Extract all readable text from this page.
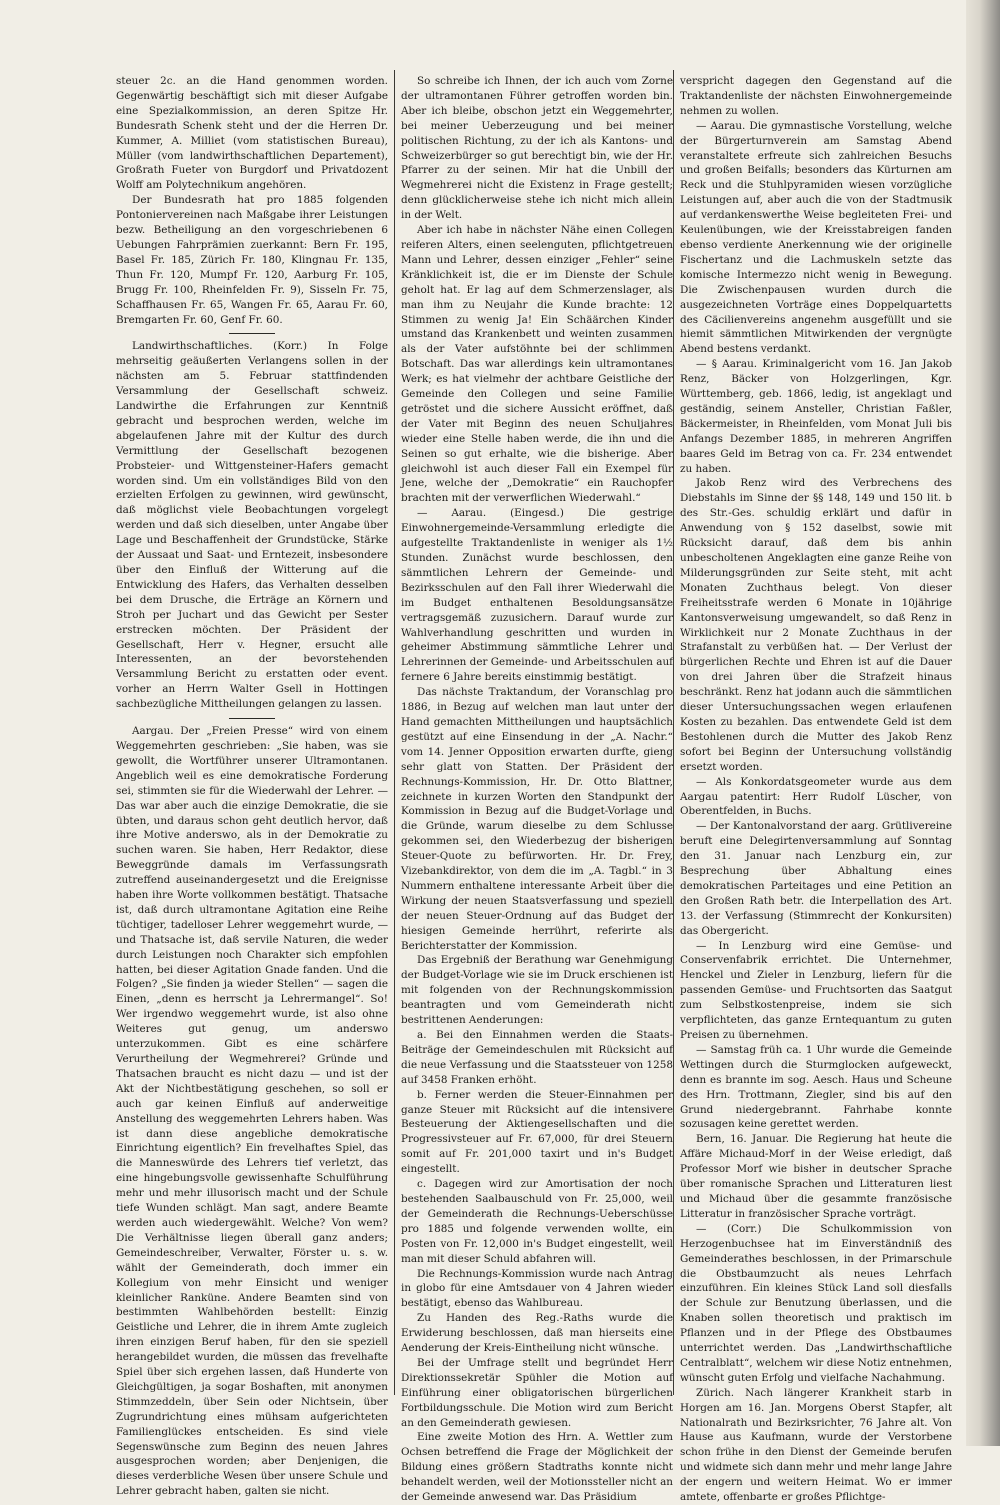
steuer 2c. an die Hand genommen worden. Gegenwärtig beschäftigt sich mit dieser Aufgabe eine Spezialkommission, an deren Spitze Hr. Bundesrath Schenk steht und der die Herren Dr. Kummer, A. Milliet (vom statistischen Bureau), Müller (vom landwirthschaftlichen Departement), Großrath Fueter von Burgdorf und Privatdozent Wolff am Polytechnikum angehören.

Der Bundesrath hat pro 1885 folgenden Pontoniervereinen nach Maßgabe ihrer Leistungen bezw. Betheiligung an den vorgeschriebenen 6 Uebungen Fahrprämien zuerkannt: Bern Fr. 195, Basel Fr. 185, Zürich Fr. 180, Klingnau Fr. 135, Thun Fr. 120, Mumpf Fr. 120, Aarburg Fr. 105, Brugg Fr. 100, Rheinfelden Fr. 9), Sisseln Fr. 75, Schaffhausen Fr. 65, Wangen Fr. 65, Aarau Fr. 60, Bremgarten Fr. 60, Genf Fr. 60.

Landwirthschaftliches. (Korr.) In Folge mehrseitig geäußerten Verlangens sollen in der nächsten am 5. Februar stattfindenden Versammlung der Gesellschaft schweiz. Landwirthe die Erfahrungen zur Kenntniß gebracht und besprochen werden, welche im abgelaufenen Jahre mit der Kultur des durch Vermittlung der Gesellschaft bezogenen Probsteier- und Wittgensteiner-Hafers gemacht worden sind. Um ein vollständiges Bild von den erzielten Erfolgen zu gewinnen, wird gewünscht, daß möglichst viele Beobachtungen vorgelegt werden und daß sich dieselben, unter Angabe über Lage und Beschaffenheit der Grundstücke, Stärke der Aussaat und Saat- und Erntezeit, insbesondere über den Einfluß der Witterung auf die Entwicklung des Hafers, das Verhalten desselben bei dem Drusche, die Erträge an Körnern und Stroh per Juchart und das Gewicht per Sester erstrecken möchten. Der Präsident der Gesellschaft, Herr v. Hegner, ersucht alle Interessenten, an der bevorstehenden Versammlung Bericht zu erstatten oder event. vorher an Herrn Walter Gsell in Hottingen sachbezügliche Mittheilungen gelangen zu lassen.

Aargau. Der „Freien Presse“ wird von einem Weggemehrten geschrieben: „Sie haben, was sie gewollt, die Wortführer unserer Ultramontanen. Angeblich weil es eine demokratische Forderung sei, stimmten sie für die Wiederwahl der Lehrer. — Das war aber auch die einzige Demokratie, die sie übten, und daraus schon geht deutlich hervor, daß ihre Motive anderswo, als in der Demokratie zu suchen waren. Sie haben, Herr Redaktor, diese Beweggründe damals im Verfassungsrath zutreffend auseinandergesetzt und die Ereignisse haben ihre Worte vollkommen bestätigt. Thatsache ist, daß durch ultramontane Agitation eine Reihe tüchtiger, tadelloser Lehrer weggemehrt wurde, — und Thatsache ist, daß servile Naturen, die weder durch Leistungen noch Charakter sich empfohlen hatten, bei dieser Agitation Gnade fanden. Und die Folgen? „Sie finden ja wieder Stellen“ — sagen die Einen, „denn es herrscht ja Lehrermangel“. So! Wer irgendwo weggemehrt wurde, ist also ohne Weiteres gut genug, um anderswo unterzukommen. Gibt es eine schärfere Verurtheilung der Wegmehrerei? Gründe und Thatsachen braucht es nicht dazu — und ist der Akt der Nichtbestätigung geschehen, so soll er auch gar keinen Einfluß auf anderweitige Anstellung des weggemehrten Lehrers haben. Was ist dann diese angebliche demokratische Einrichtung eigentlich? Ein frevelhaftes Spiel, das die Manneswürde des Lehrers tief verletzt, das eine hingebungsvolle gewissenhafte Schulführung mehr und mehr illusorisch macht und der Schule tiefe Wunden schlägt. Man sagt, andere Beamte werden auch wiedergewählt. Welche? Von wem? Die Verhältnisse liegen überall ganz anders; Gemeindeschreiber, Verwalter, Förster u. s. w. wählt der Gemeinderath, doch immer ein Kollegium von mehr Einsicht und weniger kleinlicher Rankünе. Andere Beamten sind von bestimmten Wahlbehörden bestellt: Einzig Geistliche und Lehrer, die in ihrem Amte zugleich ihren einzigen Beruf haben, für den sie speziell herangebildet wurden, die müssen das frevelhafte Spiel über sich ergehen lassen, daß Hunderte von Gleichgültigen, ja sogar Boshaften, mit anonymen Stimmzeddeln, über Sein oder Nichtsein, über Zugrundrichtung eines mühsam aufgerichteten Familienglückes entscheiden. Es sind viele Segenswünsche zum Beginn des neuen Jahres ausgesprochen worden; aber Denjenigen, die dieses verderbliche Wesen über unsere Schule und Lehrer gebracht haben, galten sie nicht.

So schreibe ich Ihnen, der ich auch vom Zorne der ultramontanen Führer getroffen worden bin. Aber ich bleibe, obschon jetzt ein Weggemehrter, bei meiner Ueberzeugung und bei meiner politischen Richtung, zu der ich als Kantons- und Schweizerbürger so gut berechtigt bin, wie der Hr. Pfarrer zu der seinen. Mir hat die Unbill der Wegmehrerei nicht die Existenz in Frage gestellt; denn glücklicherweise stehe ich nicht mich allein in der Welt.

Aber ich habe in nächster Nähe einen Collegen reiferen Alters, einen seelenguten, pflichtgetreuen Mann und Lehrer, dessen einziger „Fehler“ seine Kränklichkeit ist, die er im Dienste der Schule geholt hat. Er lag auf dem Schmerzenslager, als man ihm zu Neujahr die Kunde brachte: 12 Stimmen zu wenig Ja! Ein Schäärchen Kinder umstand das Krankenbett und weinten zusammen als der Vater aufstöhnte bei der schlimmen Botschaft. Das war allerdings kein ultramontanes Werk; es hat vielmehr der achtbare Geistliche der Gemeinde den Collegen und seine Familie getröstet und die sichere Aussicht eröffnet, daß der Vater mit Beginn des neuen Schuljahres wieder eine Stelle haben werde, die ihn und die Seinen so gut erhalte, wie die bisherige. Aber gleichwohl ist auch dieser Fall ein Exempel für Jene, welche der „Demokratie“ ein Rauchopfer brachten mit der verwerflichen Wiederwahl.“

— Aarau. (Eingesd.) Die gestrige Einwohnergemeinde-Versammlung erledigte die aufgestellte Traktandenliste in weniger als 1½ Stunden. Zunächst wurde beschlossen, den sämmtlichen Lehrern der Gemeinde- und Bezirksschulen auf den Fall ihrer Wiederwahl die im Budget enthaltenen Besoldungsansätze vertragsgemäß zuzusichern. Darauf wurde zur Wahlverhandlung geschritten und wurden in geheimer Abstimmung sämmtliche Lehrer und Lehrerinnen der Gemeinde- und Arbeitsschulen auf fernere 6 Jahre bereits einstimmig bestätigt.

Das nächste Traktandum, der Voranschlag pro 1886, in Bezug auf welchen man laut unter der Hand gemachten Mittheilungen und hauptsächlich gestützt auf eine Einsendung in der „A. Nachr.“ vom 14. Jenner Opposition erwarten durfte, gieng sehr glatt von Statten. Der Präsident der Rechnungs-Kommission, Hr. Dr. Otto Blattner, zeichnete in kurzen Worten den Standpunkt der Kommission in Bezug auf die Budget-Vorlage und die Gründe, warum dieselbe zu dem Schlusse gekommen sei, den Wiederbezug der bisherigen Steuer-Quote zu befürworten. Hr. Dr. Frey, Vizebankdirektor, von dem die im „A. Tagbl.“ in 3 Nummern enthaltene interessante Arbeit über die Wirkung der neuen Staatsverfassung und speziell der neuen Steuer-Ordnung auf das Budget der hiesigen Gemeinde herrührt, referirte als Berichterstatter der Kommission.

Das Ergebniß der Berathung war Genehmigung der Budget-Vorlage wie sie im Druck erschienen ist mit folgenden von der Rechnungskommission beantragten und vom Gemeinderath nicht bestrittenen Aenderungen:

a. Bei den Einnahmen werden die Staats-Beiträge der Gemeindeschulen mit Rücksicht auf die neue Verfassung und die Staatssteuer von 1258 auf 3458 Franken erhöht.

b. Ferner werden die Steuer-Einnahmen per ganze Steuer mit Rücksicht auf die intensivere Besteuerung der Aktiengesellschaften und die Progressivsteuer auf Fr. 67,000, für drei Steuern somit auf Fr. 201,000 taxirt und in's Budget eingestellt.

c. Dagegen wird zur Amortisation der noch bestehenden Saalbauschuld von Fr. 25,000, weil der Gemeinderath die Rechnungs-Ueberschüsse pro 1885 und folgende verwenden wollte, ein Posten von Fr. 12,000 in's Budget eingestellt, weil man mit dieser Schuld abfahren will.

Die Rechnungs-Kommission wurde nach Antrag in globo für eine Amtsdauer von 4 Jahren wieder bestätigt, ebenso das Wahlbureau.

Zu Handen des Reg.-Raths wurde die Erwiderung beschlossen, daß man hierseits eine Aenderung der Kreis-Eintheilung nicht wünsche.

Bei der Umfrage stellt und begründet Herr Direktionssekretär Spühler die Motion auf Einführung einer obligatorischen bürgerlichen Fortbildungsschule. Die Motion wird zum Bericht an den Gemeinderath gewiesen.

Eine zweite Motion des Hrn. A. Wettler zum Ochsen betreffend die Frage der Möglichkeit der Bildung eines größern Stadtraths konnte nicht behandelt werden, weil der Motionssteller nicht an der Gemeinde anwesend war. Das Präsidium

verspricht dagegen den Gegenstand auf die Traktandenliste der nächsten Einwohnergemeinde nehmen zu wollen.

— Aarau. Die gymnastische Vorstellung, welche der Bürgerturnverein am Samstag Abend veranstaltete erfreute sich zahlreichen Besuchs und großen Beifalls; besonders das Kürturnen am Reck und die Stuhlpyramiden wiesen vorzügliche Leistungen auf, aber auch die von der Stadtmusik auf verdankenswerthe Weise begleiteten Frei- und Keulenübungen, wie der Kreisstabreigen fanden ebenso verdiente Anerkennung wie der originelle Fischertanz und die Lachmuskeln setzte das komische Intermezzo nicht wenig in Bewegung. Die Zwischenpausen wurden durch die ausgezeichneten Vorträge eines Doppelquartetts des Cäcilienvereins angenehm ausgefüllt und sie hiemit sämmtlichen Mitwirkenden der vergnügte Abend bestens verdankt.

— § Aarau. Kriminalgericht vom 16. Jan Jakob Renz, Bäcker von Holzgerlingen, Kgr. Württemberg, geb. 1866, ledig, ist angeklagt und geständig, seinem Ansteller, Christian Faßler, Bäckermeister, in Rheinfelden, vom Monat Juli bis Anfangs Dezember 1885, in mehreren Angriffen baares Geld im Betrag von ca. Fr. 234 entwendet zu haben.

Jakob Renz wird des Verbrechens des Diebstahls im Sinne der §§ 148, 149 und 150 lit. b des Str.-Ges. schuldig erklärt und dafür in Anwendung von § 152 daselbst, sowie mit Rücksicht darauf, daß dem bis anhin unbescholtenen Angeklagten eine ganze Reihe von Milderungsgründen zur Seite steht, mit acht Monaten Zuchthaus belegt. Von dieser Freiheitsstrafe werden 6 Monate in 10jährige Kantonsverweisung umgewandelt, so daß Renz in Wirklichkeit nur 2 Monate Zuchthaus in der Strafanstalt zu verbüßen hat. — Der Verlust der bürgerlichen Rechte und Ehren ist auf die Dauer von drei Jahren über die Strafzeit hinaus beschränkt. Renz hat jodann auch die sämmtlichen dieser Untersuchungssachen wegen erlaufenen Kosten zu bezahlen. Das entwendete Geld ist dem Bestohlenen durch die Mutter des Jakob Renz sofort bei Beginn der Untersuchung vollständig ersetzt worden.

— Als Konkordatsgeometer wurde aus dem Aargau patentirt: Herr Rudolf Lüscher, von Oberentfelden, in Buchs.

— Der Kantonalvorstand der aarg. Grütlivereine beruft eine Delegirtenversammlung auf Sonntag den 31. Januar nach Lenzburg ein, zur Besprechung über Abhaltung eines demokratischen Parteitages und eine Petition an den Großen Rath betr. die Interpellation des Art. 13. der Verfassung (Stimmrecht der Konkursiten) das Obergericht.

— In Lenzburg wird eine Gemüse- und Conservenfabrik errichtet. Die Unternehmer, Henckel und Zieler in Lenzburg, liefern für die passenden Gemüse- und Fruchtsorten das Saatgut zum Selbstkostenpreise, indem sie sich verpflichteten, das ganze Erntequantum zu guten Preisen zu übernehmen.

— Samstag früh ca. 1 Uhr wurde die Gemeinde Wettingen durch die Sturmglocken aufgeweckt, denn es brannte im sog. Aesch. Haus und Scheune des Hrn. Trottmann, Ziegler, sind bis auf den Grund niedergebrannt. Fahrhabe konnte sozusagen keine gerettet werden.

Bern, 16. Januar. Die Regierung hat heute die Affäre Michaud-Morf in der Weise erledigt, daß Professor Morf wie bisher in deutscher Sprache über romanische Sprachen und Litteraturen liest und Michaud über die gesammte französische Litteratur in französischer Sprache vorträgt.

— (Corr.) Die Schulkommission von Herzogenbuchsee hat im Einverständniß des Gemeinderathes beschlossen, in der Primarschule die Obstbaumzucht als neues Lehrfach einzuführen. Ein kleines Stück Land soll diesfalls der Schule zur Benutzung überlassen, und die Knaben sollen theoretisch und praktisch im Pflanzen und in der Pflege des Obstbaumes unterrichtet werden. Das „Landwirthschaftliche Centralblatt“, welchem wir diese Notiz entnehmen, wünscht guten Erfolg und vielfache Nachahmung.

Zürich. Nach längerer Krankheit starb in Horgen am 16. Jan. Morgens Oberst Stapfer, alt Nationalrath und Bezirksrichter, 76 Jahre alt. Von Hause aus Kaufmann, wurde der Verstorbene schon frühe in den Dienst der Gemeinde berufen und widmete sich dann mehr und mehr lange Jahre der engern und weitern Heimat. Wo er immer amtete, offenbarte er großes Pflichtge-
